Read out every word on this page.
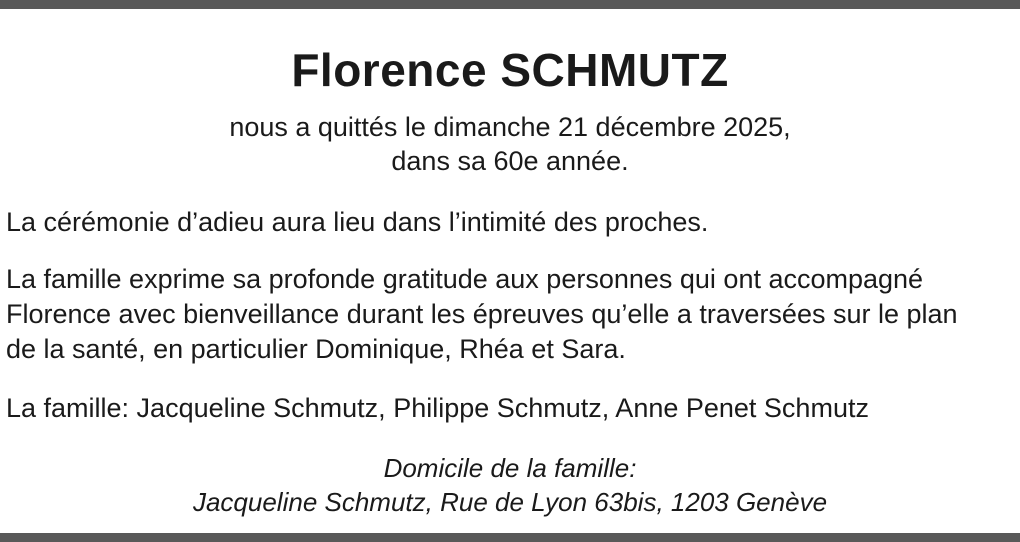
Florence SCHMUTZ
nous a quittés le dimanche 21 décembre 2025,
dans sa 60e année.
La cérémonie d’adieu aura lieu dans l’intimité des proches.
La famille exprime sa profonde gratitude aux personnes qui ont accompagné
Florence avec bienveillance durant les épreuves qu’elle a traversées sur le plan
de la santé, en particulier Dominique, Rhéa et Sara.
La famille: Jacqueline Schmutz, Philippe Schmutz, Anne Penet Schmutz
Domicile de la famille:
Jacqueline Schmutz, Rue de Lyon 63bis, 1203 Genève
